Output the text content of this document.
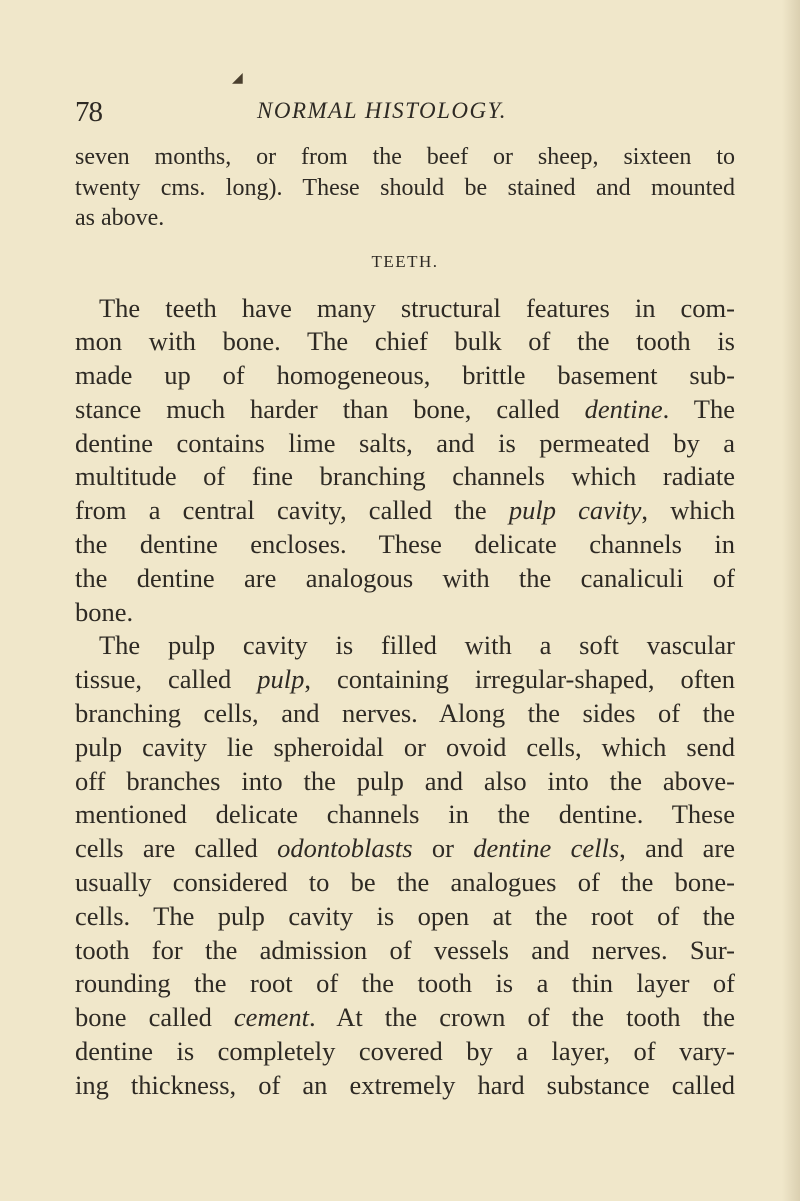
◢
78	NORMAL HISTOLOGY.
seven months, or from the beef or sheep, sixteen to
twenty cms. long). These should be stained and mounted
as above.
TEETH.
The teeth have many structural features in com-
mon with bone. The chief bulk of the tooth is
made up of homogeneous, brittle basement sub-
stance much harder than bone, called dentine. The
dentine contains lime salts, and is permeated by a
multitude of fine branching channels which radiate
from a central cavity, called the pulp cavity, which
the dentine encloses. These delicate channels in
the dentine are analogous with the canaliculi of
bone.
The pulp cavity is filled with a soft vascular
tissue, called pulp, containing irregular-shaped, often
branching cells, and nerves. Along the sides of the
pulp cavity lie spheroidal or ovoid cells, which send
off branches into the pulp and also into the above-
mentioned delicate channels in the dentine. These
cells are called odontoblasts or dentine cells, and are
usually considered to be the analogues of the bone-
cells. The pulp cavity is open at the root of the
tooth for the admission of vessels and nerves. Sur-
rounding the root of the tooth is a thin layer of
bone called cement. At the crown of the tooth the
dentine is completely covered by a layer, of vary-
ing thickness, of an extremely hard substance called
